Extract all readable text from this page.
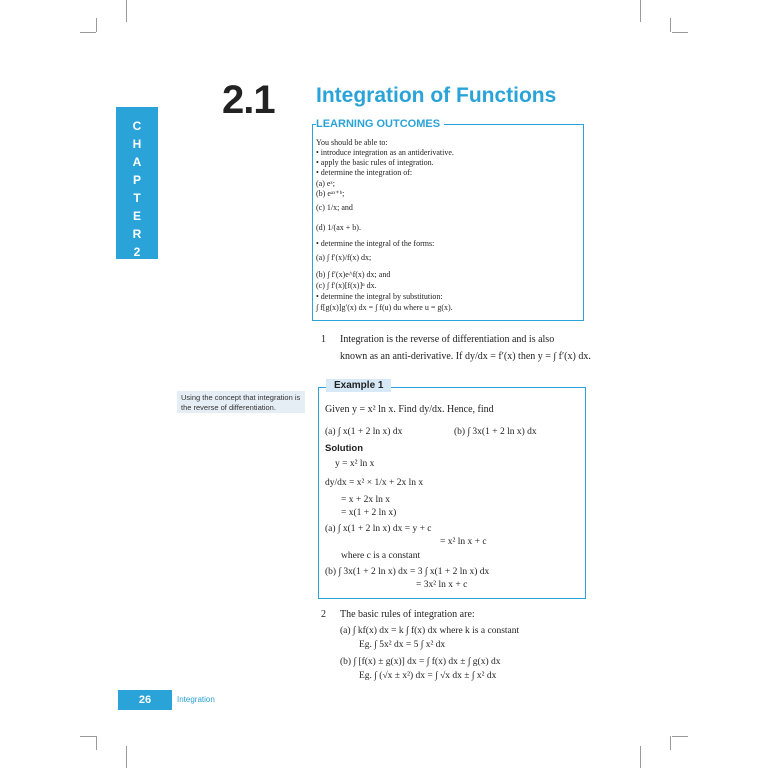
C
H
A
P
T
E
R
2
2.1 Integration of Functions
LEARNING OUTCOMES
You should be able to:
• introduce integration as an antiderivative.
• apply the basic rules of integration.
• determine the integration of:
(a) eˣ;
(b) eᵃˣ⁺ᵇ;
(c) 1/x; and
(d) 1/(ax + b).
• determine the integral of the forms:
(a) ∫ f′(x)/f(x) dx;
(b) ∫ f′(x)e^f(x) dx; and
(c) ∫ f′(x)[f(x)]ⁿ dx.
• determine the integral by substitution:
∫ f[g(x)]g′(x) dx = ∫ f(u) du where u = g(x).
1 Integration is the reverse of differentiation and is also
known as an anti-derivative. If dy/dx = f′(x) then y = ∫ f′(x) dx.
Using the concept that integration is the reverse of differentiation.
Example 1
Given y = x² ln x. Find dy/dx. Hence, find
(a) ∫ x(1 + 2 ln x) dx	(b) ∫ 3x(1 + 2 ln x) dx
Solution
y = x² ln x
dy/dx = x² × 1/x + 2x ln x
= x + 2x ln x
= x(1 + 2 ln x)
(a) ∫ x(1 + 2 ln x) dx = y + c
= x² ln x + c
where c is a constant
(b) ∫ 3x(1 + 2 ln x) dx = 3 ∫ x(1 + 2 ln x) dx
= 3x² ln x + c
2 The basic rules of integration are:
(a) ∫ kf(x) dx = k ∫ f(x) dx where k is a constant
Eg. ∫ 5x² dx = 5 ∫ x² dx
(b) ∫ [f(x) ± g(x)] dx = ∫ f(x) dx ± ∫ g(x) dx
Eg. ∫ (√x ± x²) dx = ∫ √x dx ± ∫ x² dx
26	Integration
